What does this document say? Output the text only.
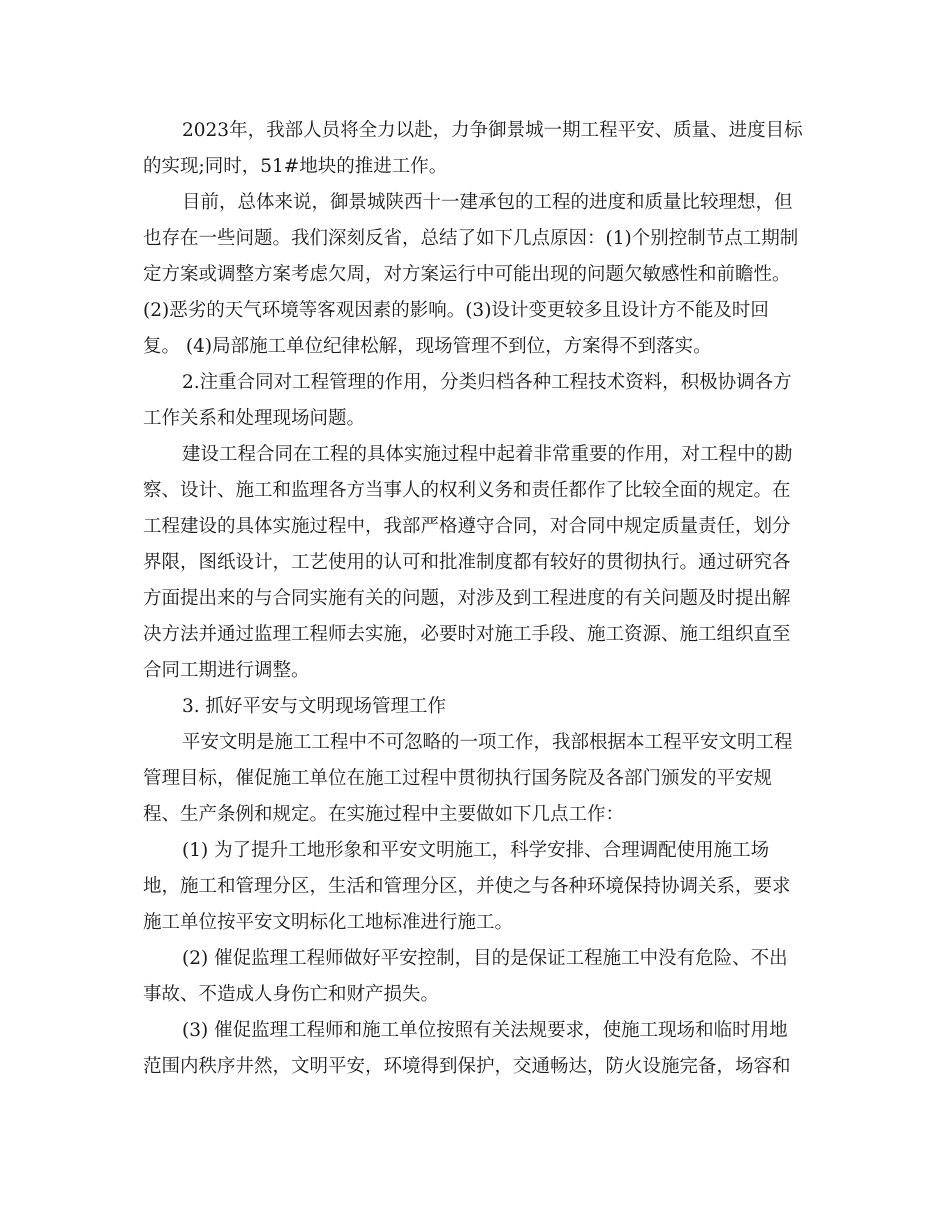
2023年，我部人员将全力以赴，力争御景城一期工程平安、质量、进度目标
的实现;同时，51#地块的推进工作。
目前，总体来说，御景城陕西十一建承包的工程的进度和质量比较理想，但
也存在一些问题。我们深刻反省，总结了如下几点原因：(1)个别控制节点工期制
定方案或调整方案考虑欠周，对方案运行中可能出现的问题欠敏感性和前瞻性。
(2)恶劣的天气环境等客观因素的影响。(3)设计变更较多且设计方不能及时回
复。 (4)局部施工单位纪律松解，现场管理不到位，方案得不到落实。
2.注重合同对工程管理的作用，分类归档各种工程技术资料，积极协调各方
工作关系和处理现场问题。
建设工程合同在工程的具体实施过程中起着非常重要的作用，对工程中的勘
察、设计、施工和监理各方当事人的权利义务和责任都作了比较全面的规定。在
工程建设的具体实施过程中，我部严格遵守合同，对合同中规定质量责任，划分
界限，图纸设计，工艺使用的认可和批准制度都有较好的贯彻执行。通过研究各
方面提出来的与合同实施有关的问题，对涉及到工程进度的有关问题及时提出解
决方法并通过监理工程师去实施，必要时对施工手段、施工资源、施工组织直至
合同工期进行调整。
3. 抓好平安与文明现场管理工作
平安文明是施工工程中不可忽略的一项工作，我部根据本工程平安文明工程
管理目标，催促施工单位在施工过程中贯彻执行国务院及各部门颁发的平安规
程、生产条例和规定。在实施过程中主要做如下几点工作：
(1) 为了提升工地形象和平安文明施工，科学安排、合理调配使用施工场
地，施工和管理分区，生活和管理分区，并使之与各种环境保持协调关系，要求
施工单位按平安文明标化工地标准进行施工。
(2) 催促监理工程师做好平安控制，目的是保证工程施工中没有危险、不出
事故、不造成人身伤亡和财产损失。
(3) 催促监理工程师和施工单位按照有关法规要求，使施工现场和临时用地
范围内秩序井然，文明平安，环境得到保护，交通畅达，防火设施完备，场容和
